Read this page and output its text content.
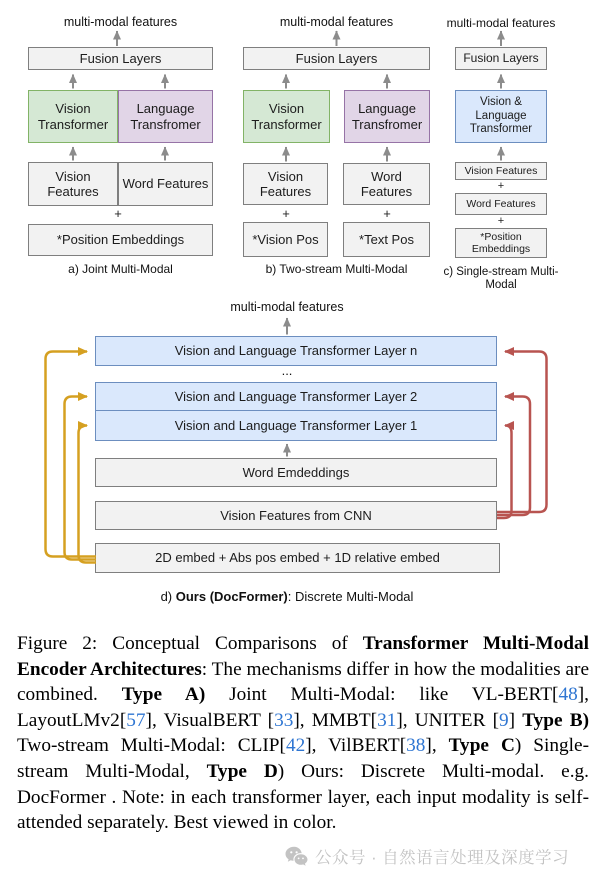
multi-modal features
Fusion Layers
Vision Transformer
Language Transfromer
Vision Features
Word Features
+
*Position Embeddings
a) Joint Multi-Modal
multi-modal features
Fusion Layers
Vision Transformer
Language Transfromer
Vision Features
Word Features
+	+
*Vision Pos	*Text Pos
b) Two-stream Multi-Modal
multi-modal features
Fusion Layers
Vision & Language Transformer
Vision Features
+
Word Features
+
*Position Embeddings
c) Single-stream Multi-Modal
multi-modal features
Vision and Language Transformer Layer n
...
Vision and Language Transformer Layer 2
Vision and Language Transformer Layer 1
Word Emdeddings
Vision Features from CNN
2D embed + Abs pos embed + 1D relative embed
d) Ours (DocFormer): Discrete Multi-Modal

Figure 2: Conceptual Comparisons of Transformer Multi-Modal Encoder Architectures: The mechanisms differ in how the modalities are combined. Type A) Joint Multi-Modal: like VL-BERT[48], LayoutLMv2[57], VisualBERT [33], MMBT[31], UNITER [9] Type B) Two-stream Multi-Modal: CLIP[42], VilBERT[38], Type C) Single-stream Multi-Modal, Type D) Ours: Discrete Multi-modal. e.g. DocFormer . Note: in each transformer layer, each input modality is self-attended separately. Best viewed in color.

公众号 · 自然语言处理及深度学习
